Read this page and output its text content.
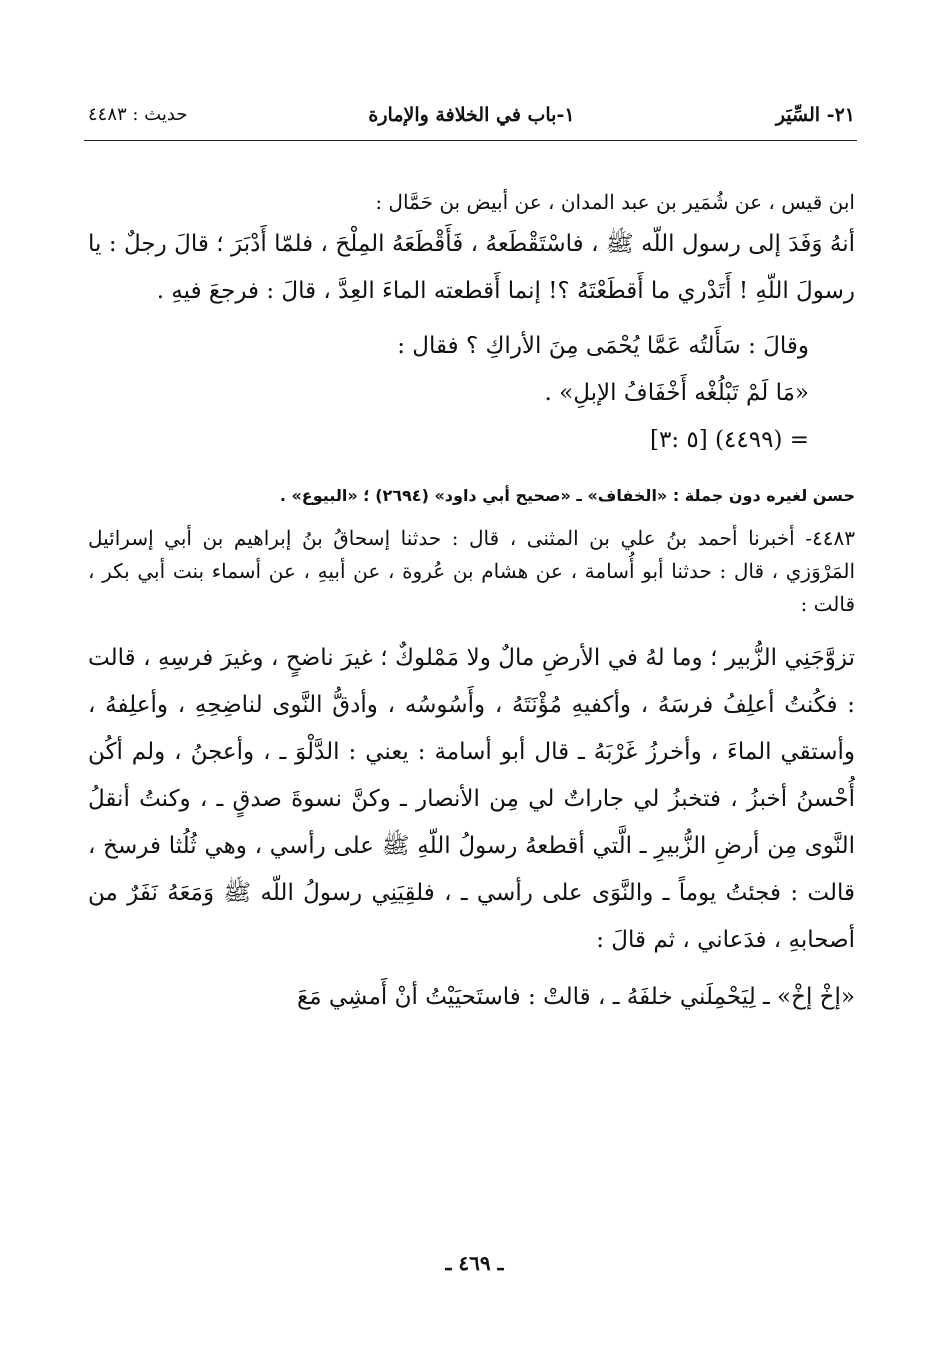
٢١- السِّيَر
١-باب في الخلافة والإمارة
حديث : ٤٤٨٣

ابن قيس ، عن شُمَير بن عبد المدان ، عن أبيض بن حَمَّال :

أنهُ وَفَدَ إلى رسول اللّه ﷺ ، فاسْتَقْطَعهُ ، فَأَقْطَعَهُ المِلْحَ ، فلمّا أَدْبَرَ ؛ قالَ رجلٌ : يا رسولَ اللّهِ ! أَتَدْري ما أَقطَعْتَهُ ؟! إنما أَقطعته الماءَ العِدَّ ، قالَ : فرجعَ فيهِ .

وقالَ : سَأَلتُه عَمَّا يُحْمَى مِنَ الأراكِ ؟ فقال :

«مَا لَمْ تَبْلُغْه أَخْفَافُ الإبلِ» .

= (٤٤٩٩) [٥ :٣]

حسن لغيره دون جملة : «الخفاف» ـ «صحيح أبي داود» (٢٦٩٤) ؛ «البيوع» .

٤٤٨٣- أخبرنا أحمد بنُ علي بن المثنى ، قال : حدثنا إسحاقُ بنُ إبراهيم بن أبي إسرائيل المَرْوَزي ، قال : حدثنا أبو أُسامة ، عن هشام بن عُروة ، عن أبيهِ ، عن أسماء بنت أبي بكر ، قالت :

تزوَّجَنِي الزُّبير ؛ وما لهُ في الأرضِ مالٌ ولا مَمْلوكٌ ؛ غيرَ ناضحٍ ، وغيرَ فرسِهِ ، قالت : فكُنتُ أعلِفُ فرسَهُ ، وأكفيهِ مُؤْنَتَهُ ، وأَسُوسُه ، وأدقُّ النَّوى لناضِحِهِ ، وأعلِفهُ ، وأستقي الماءَ ، وأخرزُ غَرْبَهُ ـ قال أبو أسامة : يعني : الدَّلْوَ ـ ، وأعجنُ ، ولم أكُن أُحْسنُ أخبزُ ، فتخبزُ لي جاراتٌ لي مِن الأنصار ـ وكنَّ نسوةَ صدقٍ ـ ، وكنتُ أنقلُ النَّوى مِن أرضِ الزُّبيرِ ـ الَّتي أقطعهُ رسولُ اللّهِ ﷺ على رأسي ، وهي ثُلُثا فرسخ ، قالت : فجئتُ يوماً ـ والنَّوَى على رأسي ـ ، فلقِيَنِي رسولُ اللّه ﷺ وَمَعَهُ نَفَرٌ من أصحابهِ ، فدَعاني ، ثم قالَ :

«إخْ إخْ» ـ لِيَحْمِلَني خلفَهُ ـ ، قالتْ : فاستَحيَيْتُ أنْ أَمشِي مَعَ

ـ ٤٦٩ ـ
